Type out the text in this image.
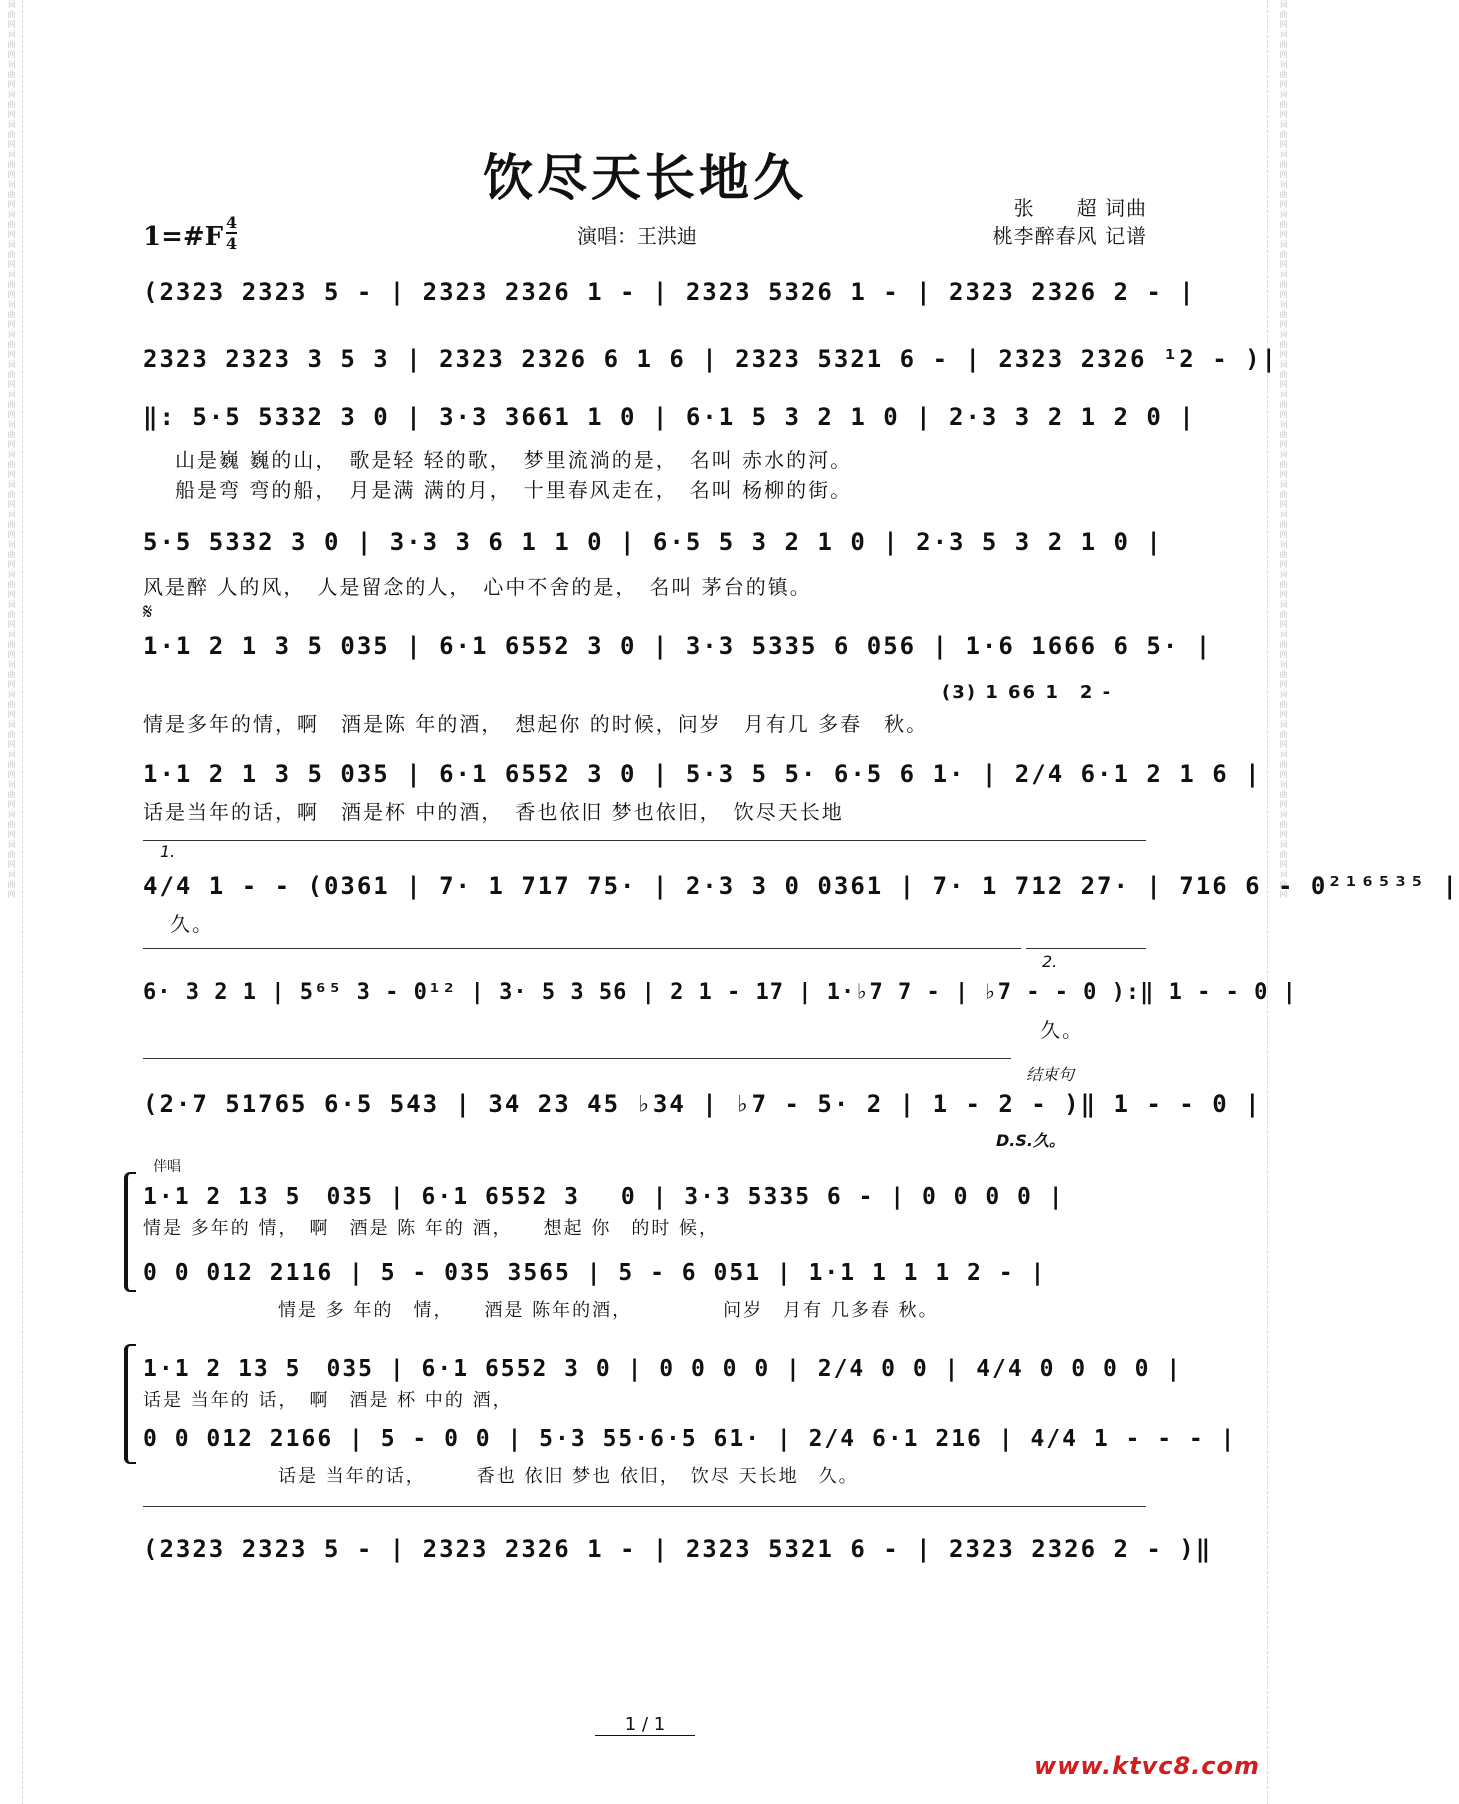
词曲网词曲网词曲网词曲网词曲网词曲网词曲网词曲网词曲网词曲网词曲网词曲网词曲网词曲网词曲网词曲网词曲网词曲网词曲网词曲网词曲网词曲网词曲网词曲网词曲网词曲网词曲网词曲网词曲网词曲网	词曲网词曲网词曲网词曲网词曲网词曲网词曲网词曲网词曲网词曲网词曲网词曲网词曲网词曲网词曲网词曲网词曲网词曲网词曲网词曲网词曲网词曲网词曲网词曲网词曲网词曲网词曲网词曲网词曲网词曲网
饮尽天长地久
1=#F $\frac{4}{4}$	演唱：王洪迪
张　　超 词曲
桃李醉春风 记谱
(2323 2323 5 - | 2323 2326 1 - | 2323 5326 1 - | 2323 2326 2 - |
2323 2323 3 5 3 | 2323 2326 6 1 6 | 2323 5321 6 - | 2323 2326 ¹2 - )|
‖: 5·5 5332 3 0 | 3·3 3661 1 0 | 6·1 5 3 2 1 0 | 2·3 3 2 1 2 0 |
山是巍 巍的山，　歌是轻 轻的歌，　梦里流淌的是，　名叫 赤水的河。
船是弯 弯的船，　月是满 满的月，　十里春风走在，　名叫 杨柳的街。
5·5 5332 3 0 | 3·3 3 6 1 1 0 | 6·5 5 3 2 1 0 | 2·3 5 3 2 1 0 |
风是醉 人的风，　人是留念的人，　心中不舍的是，　名叫 茅台的镇。
𝄋
1·1 2 1 3 5 035 | 6·1 6552 3 0 | 3·3 5335 6 056 | 1·6 1666 6 5· |
(3) 1 66 1　2 -
情是多年的情，啊　酒是陈 年的酒，　想起你 的时候，问岁　月有几 多春　秋。
1·1 2 1 3 5 035 | 6·1 6552 3 0 | 5·3 5 5· 6·5 6 1· | 2/4 6·1 2 1 6 |
话是当年的话，啊　酒是杯 中的酒，　香也依旧 梦也依旧，　饮尽天长地
1.
4/4 1 - - (0361 | 7· 1 717 75· | 2·3 3 0 0361 | 7· 1 712 27· | 716 6 - 0²¹⁶⁵³⁵ |
久。
2.
6· 3 2 1 | 5⁶⁵ 3 - 0¹² | 3· 5 3 56 | 2 1 - 17 | 1·♭7 7 - | ♭7 - - 0 ):‖ 1 - - 0 |
久。
结束句
(2·7 51765 6·5 543 | 34 23 45 ♭34 | ♭7 - 5· 2 | 1 - 2 - )‖ 1 - - 0 |
D.S.久。
伴唱
1·1 2 13 5　035 | 6·1 6552 3　 0 | 3·3 5335 6 - | 0 0 0 0 |
情是 多年的 情，　啊　酒是 陈 年的 酒，　　想起 你　的时 候，
0 0 012 2116 | 5 - 035 3565 | 5 - 6 051 | 1·1 1 1 1 2 - |
情是 多 年的　情，　　酒是 陈年的酒，　　　　　问岁　月有 几多春 秋。
1·1 2 13 5　035 | 6·1 6552 3 0 | 0 0 0 0 | 2/4 0 0 | 4/4 0 0 0 0 |
话是 当年的 话，　啊　酒是 杯 中的 酒，
0 0 012 2166 | 5 - 0 0 | 5·3 55·6·5 61· | 2/4 6·1 216 | 4/4 1 - - - |
话是 当年的话，　　　香也 依旧 梦也 依旧，　饮尽 天长地　久。
(2323 2323 5 - | 2323 2326 1 - | 2323 5321 6 - | 2323 2326 2 - )‖
1 / 1
www.ktvc8.com
